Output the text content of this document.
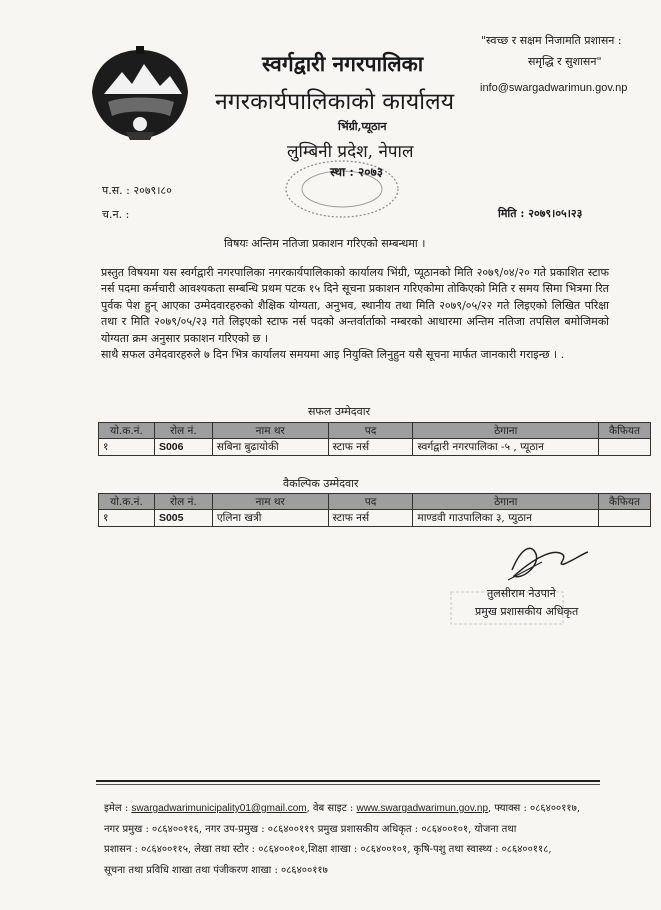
स्वर्गद्वारी नगरपालिका
नगरकार्यपालिकाको कार्यालय
भिंग्री,प्यूठान
लुम्बिनी प्रदेश, नेपाल
"स्वच्छ र सक्षम निजामति प्रशासन :
समृद्धि र सुशासन"
info@swargadwarimun.gov.np
स्था : २०७३
प.स. : २०७९।८०
च.न. :	मिति : २०७९।०५।२३
विषयः अन्तिम नतिजा प्रकाशन गरिएको सम्बन्धमा ।

प्रस्तुत विषयमा यस स्वर्गद्वारी नगरपालिका नगरकार्यपालिकाको कार्यालय भिंग्री, प्यूठानको मिति २०७९/०४/२० गते प्रकाशित स्टाफ नर्स पदमा कर्मचारी आवश्यकता सम्बन्धि प्रथम पटक १५ दिने सूचना प्रकाशन गरिएकोमा तोकिएको मिति र समय सिमा भित्रमा रित पुर्वक पेश हुन् आएका उम्मेदवारहरुको शैक्षिक योग्यता, अनुभव, स्थानीय तथा मिति २०७९/०५/२२ गते लिइएको लिखित परिक्षा तथा र मिति २०७९/०५/२३ गते लिइएको स्टाफ नर्स पदको अन्तर्वार्ताको नम्बरको आधारमा अन्तिम नतिजा तपसिल बमोजिमको योग्यता क्रम अनुसार प्रकाशन गरिएको छ ।

साथै सफल उमेदवारहरुले ७ दिन भित्र कार्यालय समयमा आइ नियुक्ति लिनुहुन यसै सूचना मार्फत जानकारी गराइन्छ । .

सफल उम्मेदवार
यो.क.नं.	रोल नं.	नाम थर	पद	ठेगाना	कैफियत
१	S006	सबिना बुढायोकी	स्टाफ नर्स	स्वर्गद्वारी नगरपालिका -५ , प्यूठान	
वैकल्पिक उम्मेदवार
यो.क.नं.	रोल नं.	नाम थर	पद	ठेगाना	कैफियत
१	S005	एलिना खत्री	स्टाफ नर्स	माण्डवी गाउपालिका ३, प्युठान	
तुलसीराम नेउपाने
प्रमुख प्रशासकीय अधिकृत
इमेल : swargadwarimunicipality01@gmail.com, वेब साइट : www.swargadwarimun.gov.np, फ्याक्स : ०८६४००११७,
नगर प्रमुख : ०८६४००११६, नगर उप-प्रमुख : ०८६४००११९ प्रमुख प्रशासकीय अधिकृत : ०८६४००१०१, योजना तथा
प्रशासन : ०८६४००११५, लेखा तथा स्टोर : ०८६४००१०१,शिक्षा शाखा : ०८६४००१०१, कृषि-पशु तथा स्वास्थ्य : ०८६४००११८,
सूचना तथा प्रविधि शाखा तथा पंजीकरण शाखा : ०८६४००११७
